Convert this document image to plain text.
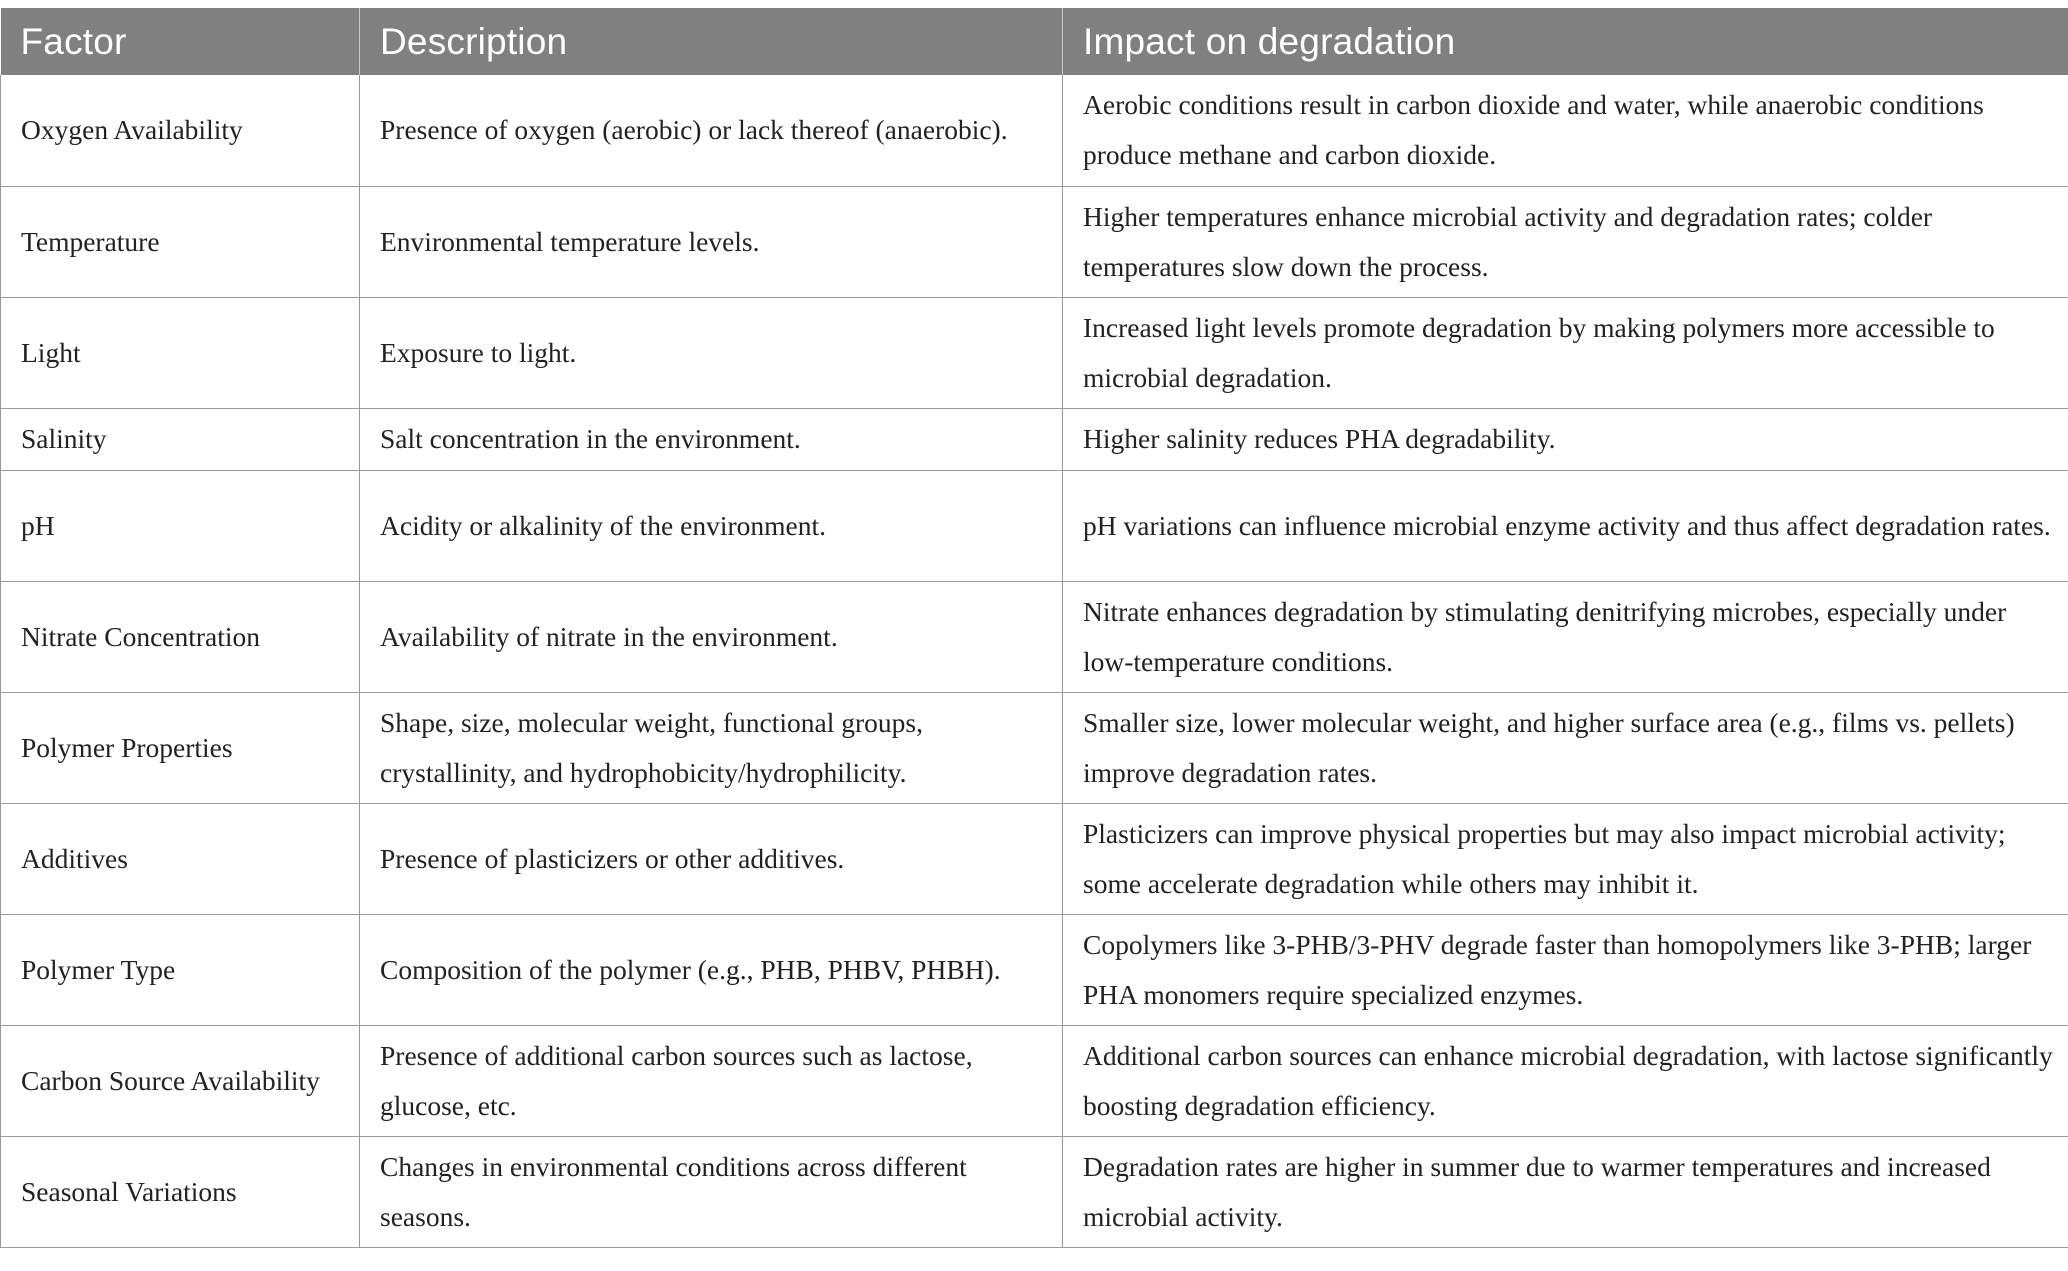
Factor	Description	Impact on degradation
Oxygen Availability	Presence of oxygen (aerobic) or lack thereof (anaerobic).	Aerobic conditions result in carbon dioxide and water, while anaerobic conditions produce methane and carbon dioxide.
Temperature	Environmental temperature levels.	Higher temperatures enhance microbial activity and degradation rates; colder temperatures slow down the process.
Light	Exposure to light.	Increased light levels promote degradation by making polymers more accessible to microbial degradation.
Salinity	Salt concentration in the environment.	Higher salinity reduces PHA degradability.
pH	Acidity or alkalinity of the environment.	pH variations can influence microbial enzyme activity and thus affect degradation rates.
Nitrate Concentration	Availability of nitrate in the environment.	Nitrate enhances degradation by stimulating denitrifying microbes, especially under low-temperature conditions.
Polymer Properties	Shape, size, molecular weight, functional groups, crystallinity, and hydrophobicity/hydrophilicity.	Smaller size, lower molecular weight, and higher surface area (e.g., films vs. pellets) improve degradation rates.
Additives	Presence of plasticizers or other additives.	Plasticizers can improve physical properties but may also impact microbial activity; some accelerate degradation while others may inhibit it.
Polymer Type	Composition of the polymer (e.g., PHB, PHBV, PHBH).	Copolymers like 3-PHB/3-PHV degrade faster than homopolymers like 3-PHB; larger PHA monomers require specialized enzymes.
Carbon Source Availability	Presence of additional carbon sources such as lactose, glucose, etc.	Additional carbon sources can enhance microbial degradation, with lactose significantly boosting degradation efficiency.
Seasonal Variations	Changes in environmental conditions across different seasons.	Degradation rates are higher in summer due to warmer temperatures and increased microbial activity.
